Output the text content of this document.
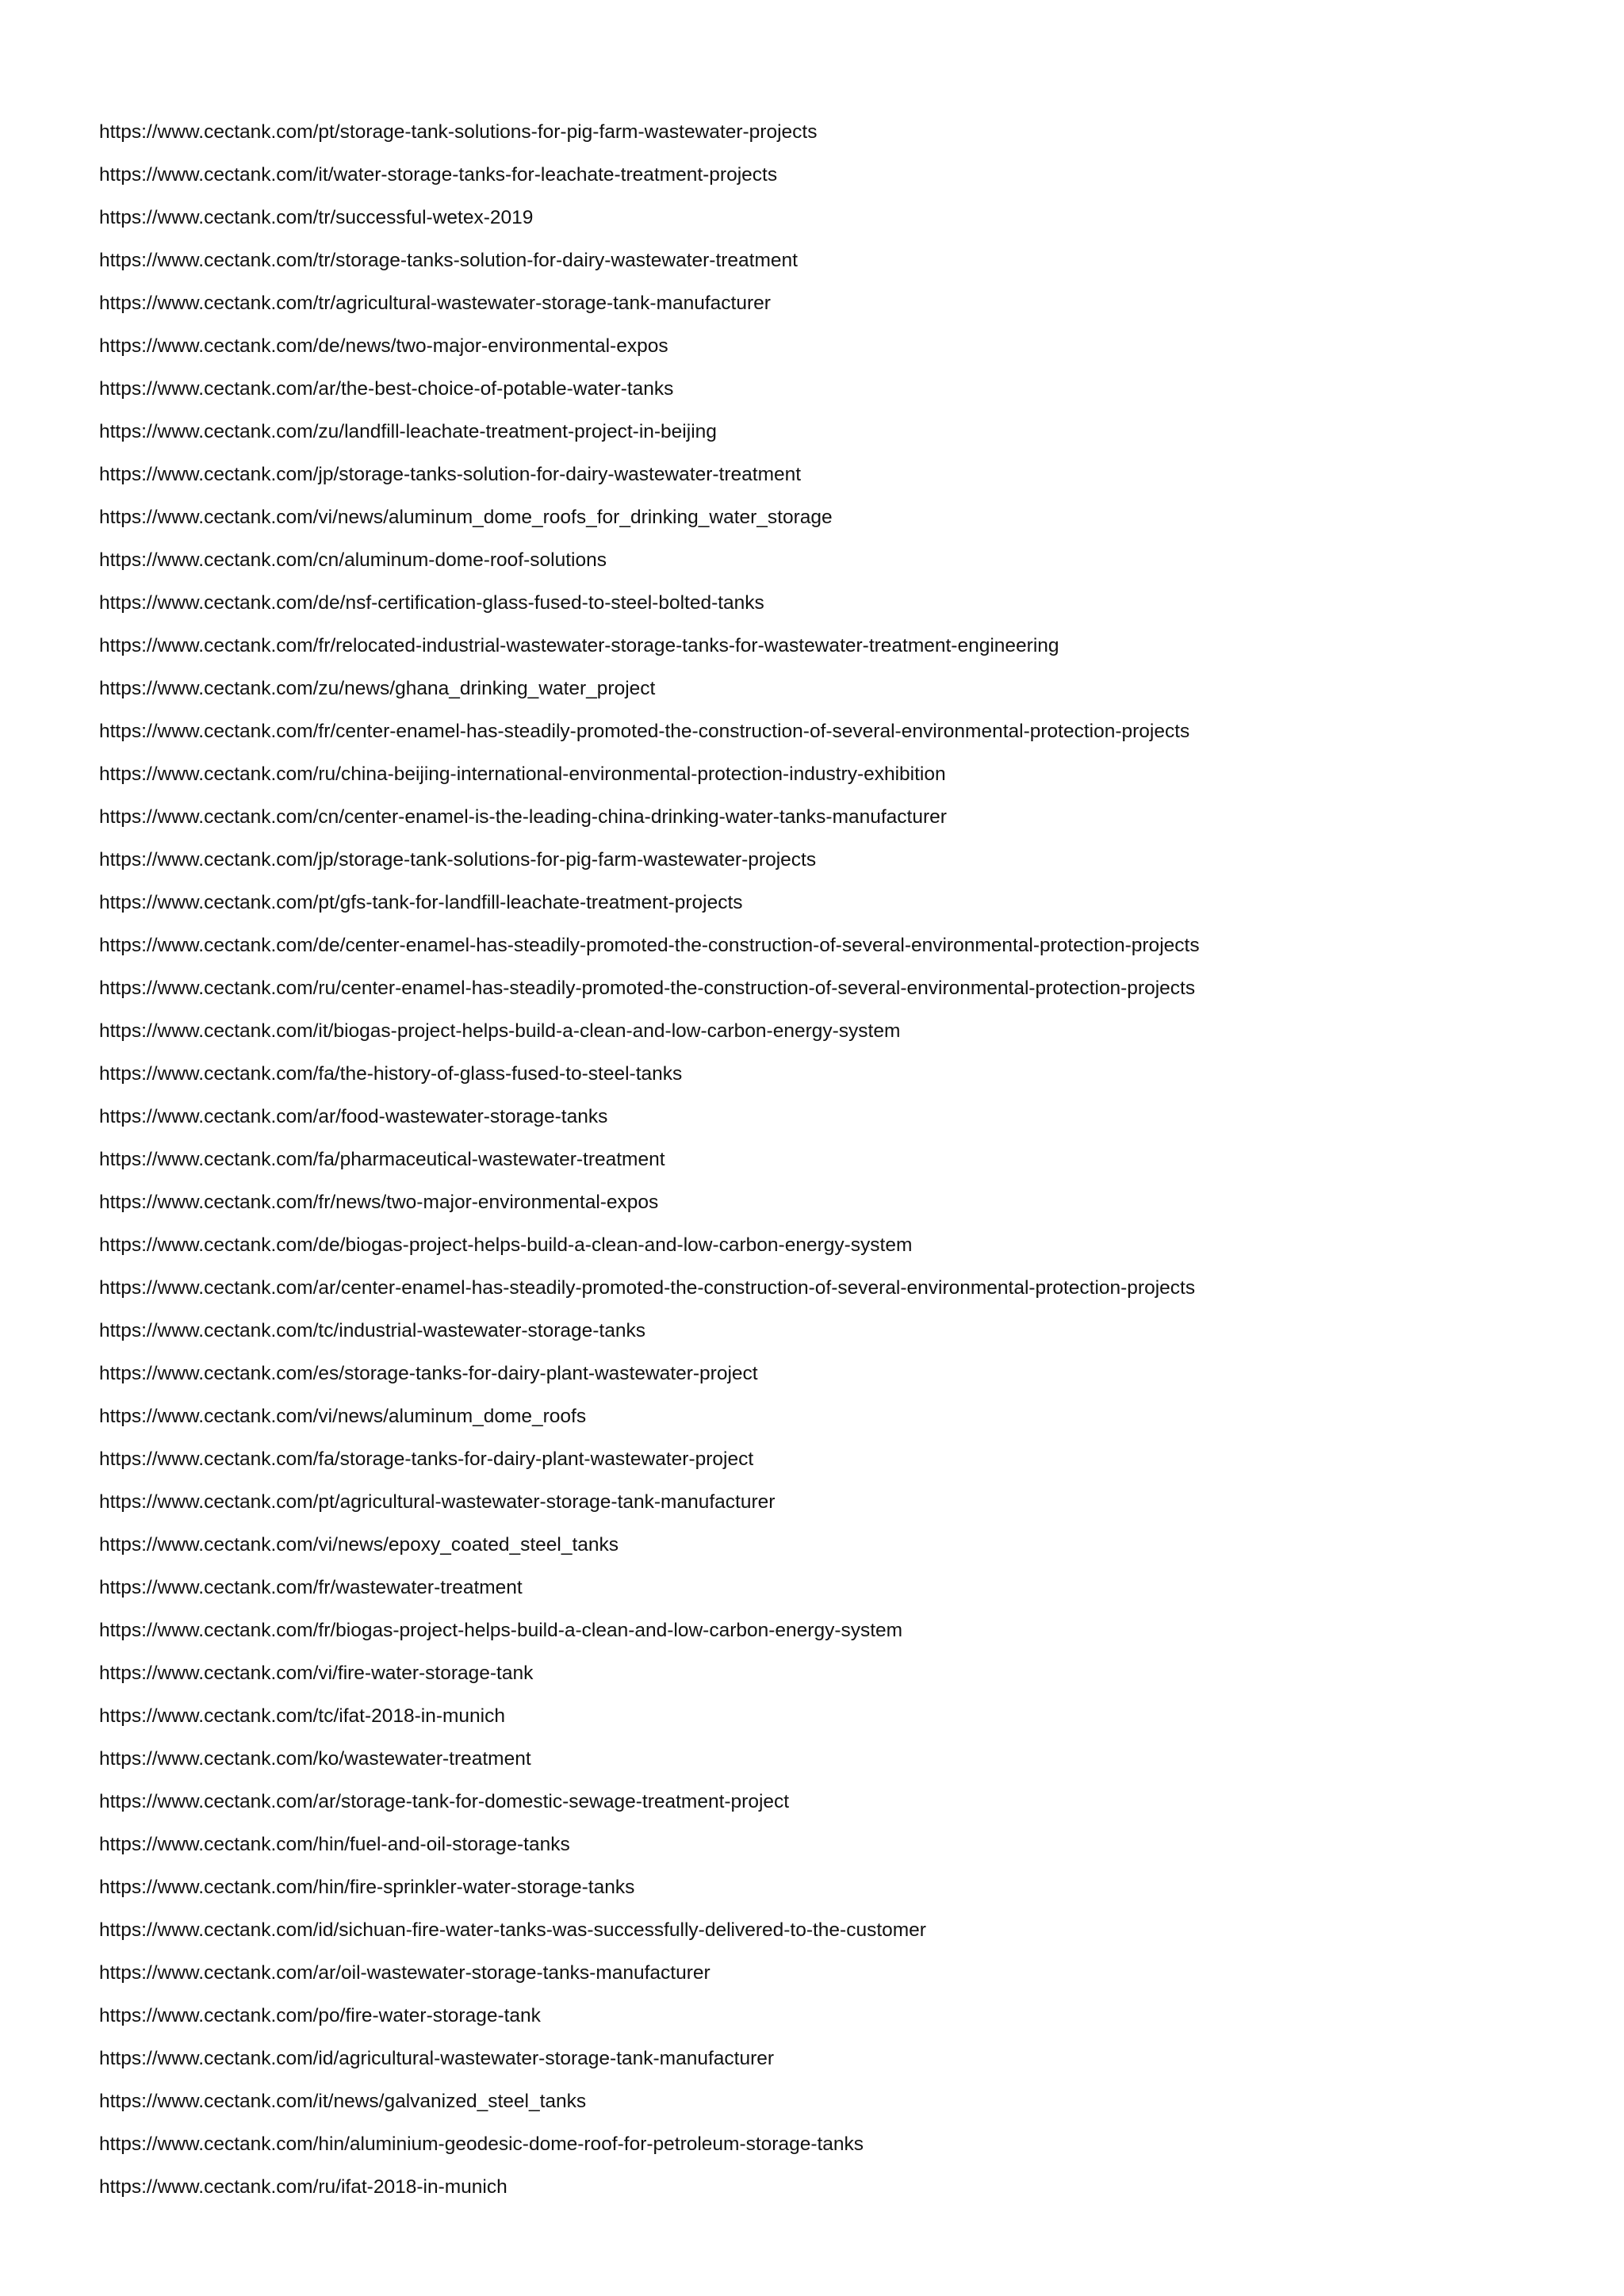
https://www.cectank.com/pt/storage-tank-solutions-for-pig-farm-wastewater-projects
https://www.cectank.com/it/water-storage-tanks-for-leachate-treatment-projects
https://www.cectank.com/tr/successful-wetex-2019
https://www.cectank.com/tr/storage-tanks-solution-for-dairy-wastewater-treatment
https://www.cectank.com/tr/agricultural-wastewater-storage-tank-manufacturer
https://www.cectank.com/de/news/two-major-environmental-expos
https://www.cectank.com/ar/the-best-choice-of-potable-water-tanks
https://www.cectank.com/zu/landfill-leachate-treatment-project-in-beijing
https://www.cectank.com/jp/storage-tanks-solution-for-dairy-wastewater-treatment
https://www.cectank.com/vi/news/aluminum_dome_roofs_for_drinking_water_storage
https://www.cectank.com/cn/aluminum-dome-roof-solutions
https://www.cectank.com/de/nsf-certification-glass-fused-to-steel-bolted-tanks
https://www.cectank.com/fr/relocated-industrial-wastewater-storage-tanks-for-wastewater-treatment-engineering
https://www.cectank.com/zu/news/ghana_drinking_water_project
https://www.cectank.com/fr/center-enamel-has-steadily-promoted-the-construction-of-several-environmental-protection-projects
https://www.cectank.com/ru/china-beijing-international-environmental-protection-industry-exhibition
https://www.cectank.com/cn/center-enamel-is-the-leading-china-drinking-water-tanks-manufacturer
https://www.cectank.com/jp/storage-tank-solutions-for-pig-farm-wastewater-projects
https://www.cectank.com/pt/gfs-tank-for-landfill-leachate-treatment-projects
https://www.cectank.com/de/center-enamel-has-steadily-promoted-the-construction-of-several-environmental-protection-projects
https://www.cectank.com/ru/center-enamel-has-steadily-promoted-the-construction-of-several-environmental-protection-projects
https://www.cectank.com/it/biogas-project-helps-build-a-clean-and-low-carbon-energy-system
https://www.cectank.com/fa/the-history-of-glass-fused-to-steel-tanks
https://www.cectank.com/ar/food-wastewater-storage-tanks
https://www.cectank.com/fa/pharmaceutical-wastewater-treatment
https://www.cectank.com/fr/news/two-major-environmental-expos
https://www.cectank.com/de/biogas-project-helps-build-a-clean-and-low-carbon-energy-system
https://www.cectank.com/ar/center-enamel-has-steadily-promoted-the-construction-of-several-environmental-protection-projects
https://www.cectank.com/tc/industrial-wastewater-storage-tanks
https://www.cectank.com/es/storage-tanks-for-dairy-plant-wastewater-project
https://www.cectank.com/vi/news/aluminum_dome_roofs
https://www.cectank.com/fa/storage-tanks-for-dairy-plant-wastewater-project
https://www.cectank.com/pt/agricultural-wastewater-storage-tank-manufacturer
https://www.cectank.com/vi/news/epoxy_coated_steel_tanks
https://www.cectank.com/fr/wastewater-treatment
https://www.cectank.com/fr/biogas-project-helps-build-a-clean-and-low-carbon-energy-system
https://www.cectank.com/vi/fire-water-storage-tank
https://www.cectank.com/tc/ifat-2018-in-munich
https://www.cectank.com/ko/wastewater-treatment
https://www.cectank.com/ar/storage-tank-for-domestic-sewage-treatment-project
https://www.cectank.com/hin/fuel-and-oil-storage-tanks
https://www.cectank.com/hin/fire-sprinkler-water-storage-tanks
https://www.cectank.com/id/sichuan-fire-water-tanks-was-successfully-delivered-to-the-customer
https://www.cectank.com/ar/oil-wastewater-storage-tanks-manufacturer
https://www.cectank.com/po/fire-water-storage-tank
https://www.cectank.com/id/agricultural-wastewater-storage-tank-manufacturer
https://www.cectank.com/it/news/galvanized_steel_tanks
https://www.cectank.com/hin/aluminium-geodesic-dome-roof-for-petroleum-storage-tanks
https://www.cectank.com/ru/ifat-2018-in-munich
